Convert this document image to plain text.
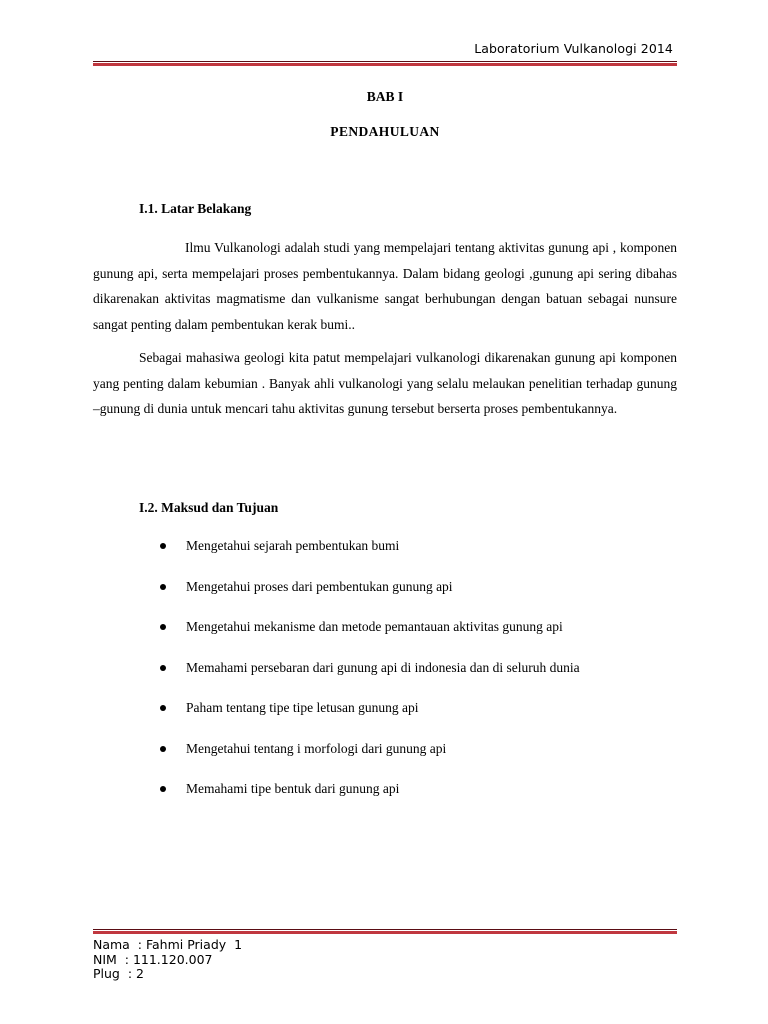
Laboratorium Vulkanologi 2014
BAB I
PENDAHULUAN
I.1. Latar Belakang
Ilmu Vulkanologi adalah studi yang mempelajari tentang aktivitas gunung api , komponen gunung api, serta mempelajari proses pembentukannya. Dalam bidang geologi ,gunung api sering dibahas dikarenakan aktivitas magmatisme dan vulkanisme sangat berhubungan dengan batuan sebagai nunsure sangat penting dalam pembentukan kerak bumi..
Sebagai mahasiwa geologi kita patut mempelajari vulkanologi dikarenakan gunung api komponen yang penting dalam kebumian . Banyak ahli vulkanologi yang selalu melaukan penelitian terhadap gunung –gunung di dunia untuk mencari tahu aktivitas gunung tersebut berserta proses pembentukannya.
I.2. Maksud dan Tujuan
Mengetahui sejarah pembentukan bumi
Mengetahui proses dari pembentukan gunung api
Mengetahui mekanisme dan metode pemantauan aktivitas gunung api
Memahami persebaran dari gunung api di indonesia dan di seluruh dunia
Paham tentang tipe tipe letusan gunung api
Mengetahui tentang i morfologi dari gunung api
Memahami tipe bentuk dari gunung api
Nama  : Fahmi Priady  1
NIM  : 111.120.007
Plug  : 2
